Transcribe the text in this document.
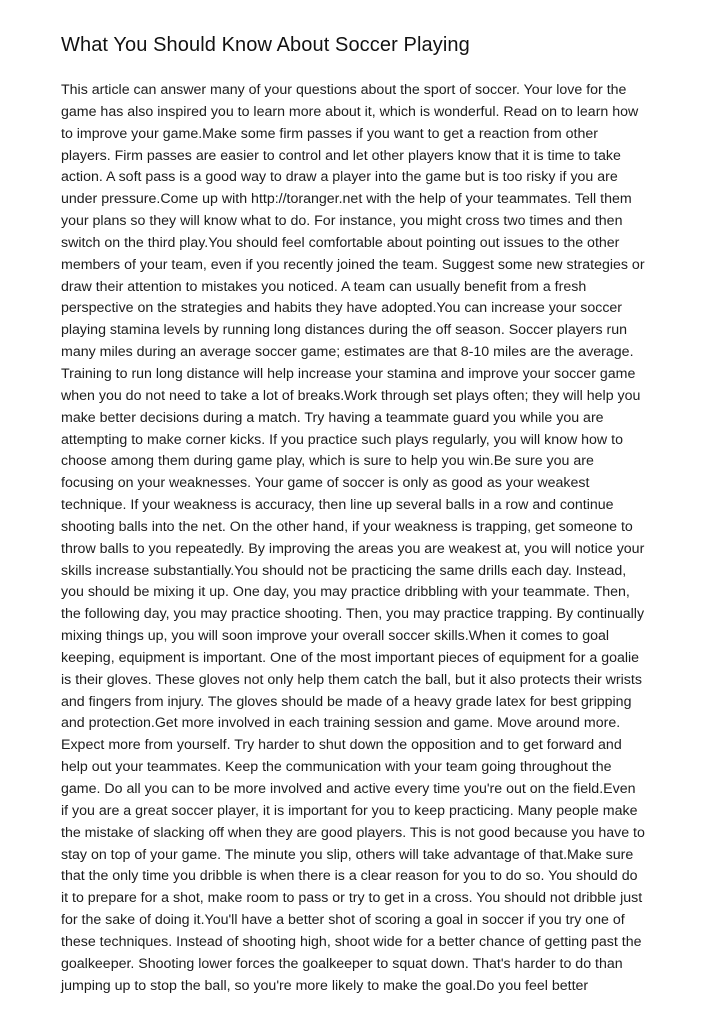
What You Should Know About Soccer Playing
This article can answer many of your questions about the sport of soccer. Your love for the
game has also inspired you to learn more about it, which is wonderful. Read on to learn how
to improve your game.Make some firm passes if you want to get a reaction from other
players. Firm passes are easier to control and let other players know that it is time to take
action. A soft pass is a good way to draw a player into the game but is too risky if you are
under pressure.Come up with http://toranger.net with the help of your teammates. Tell them
your plans so they will know what to do. For instance, you might cross two times and then
switch on the third play.You should feel comfortable about pointing out issues to the other
members of your team, even if you recently joined the team. Suggest some new strategies or
draw their attention to mistakes you noticed. A team can usually benefit from a fresh
perspective on the strategies and habits they have adopted.You can increase your soccer
playing stamina levels by running long distances during the off season. Soccer players run
many miles during an average soccer game; estimates are that 8-10 miles are the average.
Training to run long distance will help increase your stamina and improve your soccer game
when you do not need to take a lot of breaks.Work through set plays often; they will help you
make better decisions during a match. Try having a teammate guard you while you are
attempting to make corner kicks. If you practice such plays regularly, you will know how to
choose among them during game play, which is sure to help you win.Be sure you are
focusing on your weaknesses. Your game of soccer is only as good as your weakest
technique. If your weakness is accuracy, then line up several balls in a row and continue
shooting balls into the net. On the other hand, if your weakness is trapping, get someone to
throw balls to you repeatedly. By improving the areas you are weakest at, you will notice your
skills increase substantially.You should not be practicing the same drills each day. Instead,
you should be mixing it up. One day, you may practice dribbling with your teammate. Then,
the following day, you may practice shooting. Then, you may practice trapping. By continually
mixing things up, you will soon improve your overall soccer skills.When it comes to goal
keeping, equipment is important. One of the most important pieces of equipment for a goalie
is their gloves. These gloves not only help them catch the ball, but it also protects their wrists
and fingers from injury. The gloves should be made of a heavy grade latex for best gripping
and protection.Get more involved in each training session and game. Move around more.
Expect more from yourself. Try harder to shut down the opposition and to get forward and
help out your teammates. Keep the communication with your team going throughout the
game. Do all you can to be more involved and active every time you're out on the field.Even
if you are a great soccer player, it is important for you to keep practicing. Many people make
the mistake of slacking off when they are good players. This is not good because you have to
stay on top of your game. The minute you slip, others will take advantage of that.Make sure
that the only time you dribble is when there is a clear reason for you to do so. You should do
it to prepare for a shot, make room to pass or try to get in a cross. You should not dribble just
for the sake of doing it.You'll have a better shot of scoring a goal in soccer if you try one of
these techniques. Instead of shooting high, shoot wide for a better chance of getting past the
goalkeeper. Shooting lower forces the goalkeeper to squat down. That's harder to do than
jumping up to stop the ball, so you're more likely to make the goal.Do you feel better
